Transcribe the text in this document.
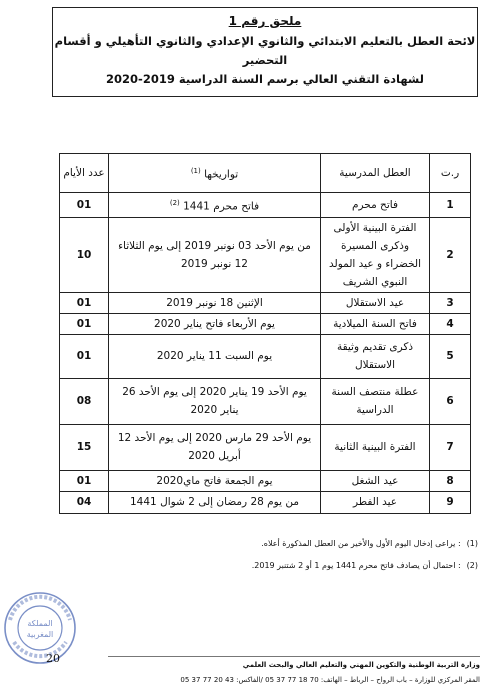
ملحق رقم 1
لائحة العطل بالتعليم الابتدائي والثانوي الإعدادي والثانوي التأهيلي و أقسام التحضير
لشهادة التقني العالي برسم السنة الدراسية 2019-2020
ر.ت	العطل المدرسية	تواريخها $^{(1)}$	عدد الأيام
1	فاتح محرم	فاتح محرم 1441 $^{(2)}$	01
2	الفترة البينية الأولى وذكرى المسيرة الخضراء و عيد المولد النبوي الشريف	من يوم الأحد 03 نونبر 2019 إلى يوم الثلاثاء 12 نونبر 2019	10
3	عيد الاستقلال	الإثنين 18 نونبر 2019	01
4	فاتح السنة الميلادية	يوم الأربعاء فاتح يناير 2020	01
5	ذكرى تقديم وثيقة الاستقلال	يوم السبت 11 يناير 2020	01
6	عطلة منتصف السنة الدراسية	يوم الأحد 19 يناير 2020 إلى يوم الأحد 26 يناير 2020	08
7	الفترة البينية الثانية	يوم الأحد 29 مارس 2020 إلى يوم الأحد 12 أبريل 2020	15
8	عيد الشغل	يوم الجمعة فاتح ماي2020	01
9	عيد الفطر	من يوم 28 رمضان إلى 2 شوال 1441	04
(1)
: يراعى إدخال اليوم الأول والأخير من العطل المذكورة أعلاه.
(2)
: احتمال أن يصادف فاتح محرم 1441 يوم 1 أو 2 شتنبر 2019.
المملكة
المغربية
20	وزارة التربية الوطنية والتكوين المهني والتعليم العالي والبحث العلمي
المقر المركزي للوزارة – باب الرواح – الرباط – الهاتف: 70 18 77 37 05 /الفاكس: 43 20 77 37 05
